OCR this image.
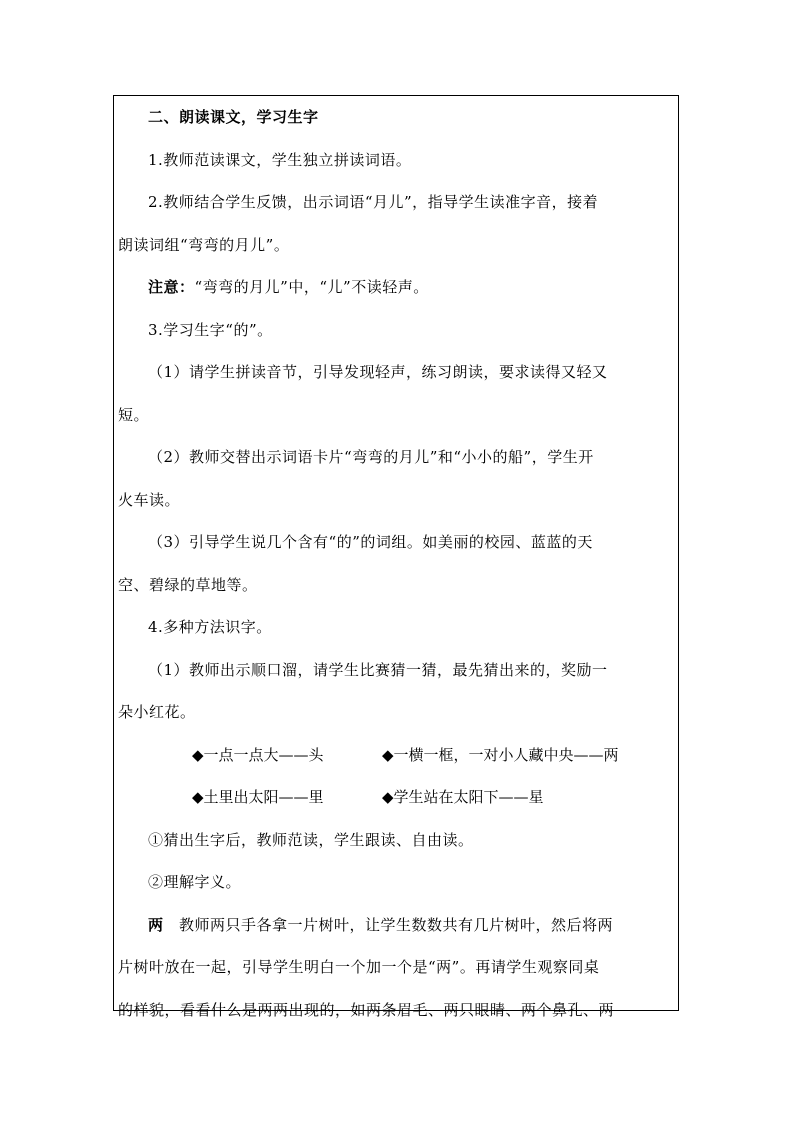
二、朗读课文，学习生字

1.教师范读课文，学生独立拼读词语。

2.教师结合学生反馈，出示词语“月儿”，指导学生读准字音，接着

朗读词组“弯弯的月儿”。

注意：“弯弯的月儿”中，“儿”不读轻声。

3.学习生字“的”。

（1）请学生拼读音节，引导发现轻声，练习朗读，要求读得又轻又

短。

（2）教师交替出示词语卡片“弯弯的月儿”和“小小的船”，学生开

火车读。

（3）引导学生说几个含有“的”的词组。如美丽的校园、蓝蓝的天

空、碧绿的草地等。

4.多种方法识字。

（1）教师出示顺口溜，请学生比赛猜一猜，最先猜出来的，奖励一

朵小红花。

◆一点一点大——头	◆一横一框，一对小人藏中央——两
◆土里出太阳——里	◆学生站在太阳下——星

①猜出生字后，教师范读，学生跟读、自由读。

②理解字义。

两  教师两只手各拿一片树叶，让学生数数共有几片树叶，然后将两

片树叶放在一起，引导学生明白一个加一个是“两”。再请学生观察同桌

的样貌，看看什么是两两出现的，如两条眉毛、两只眼睛、两个鼻孔、两
